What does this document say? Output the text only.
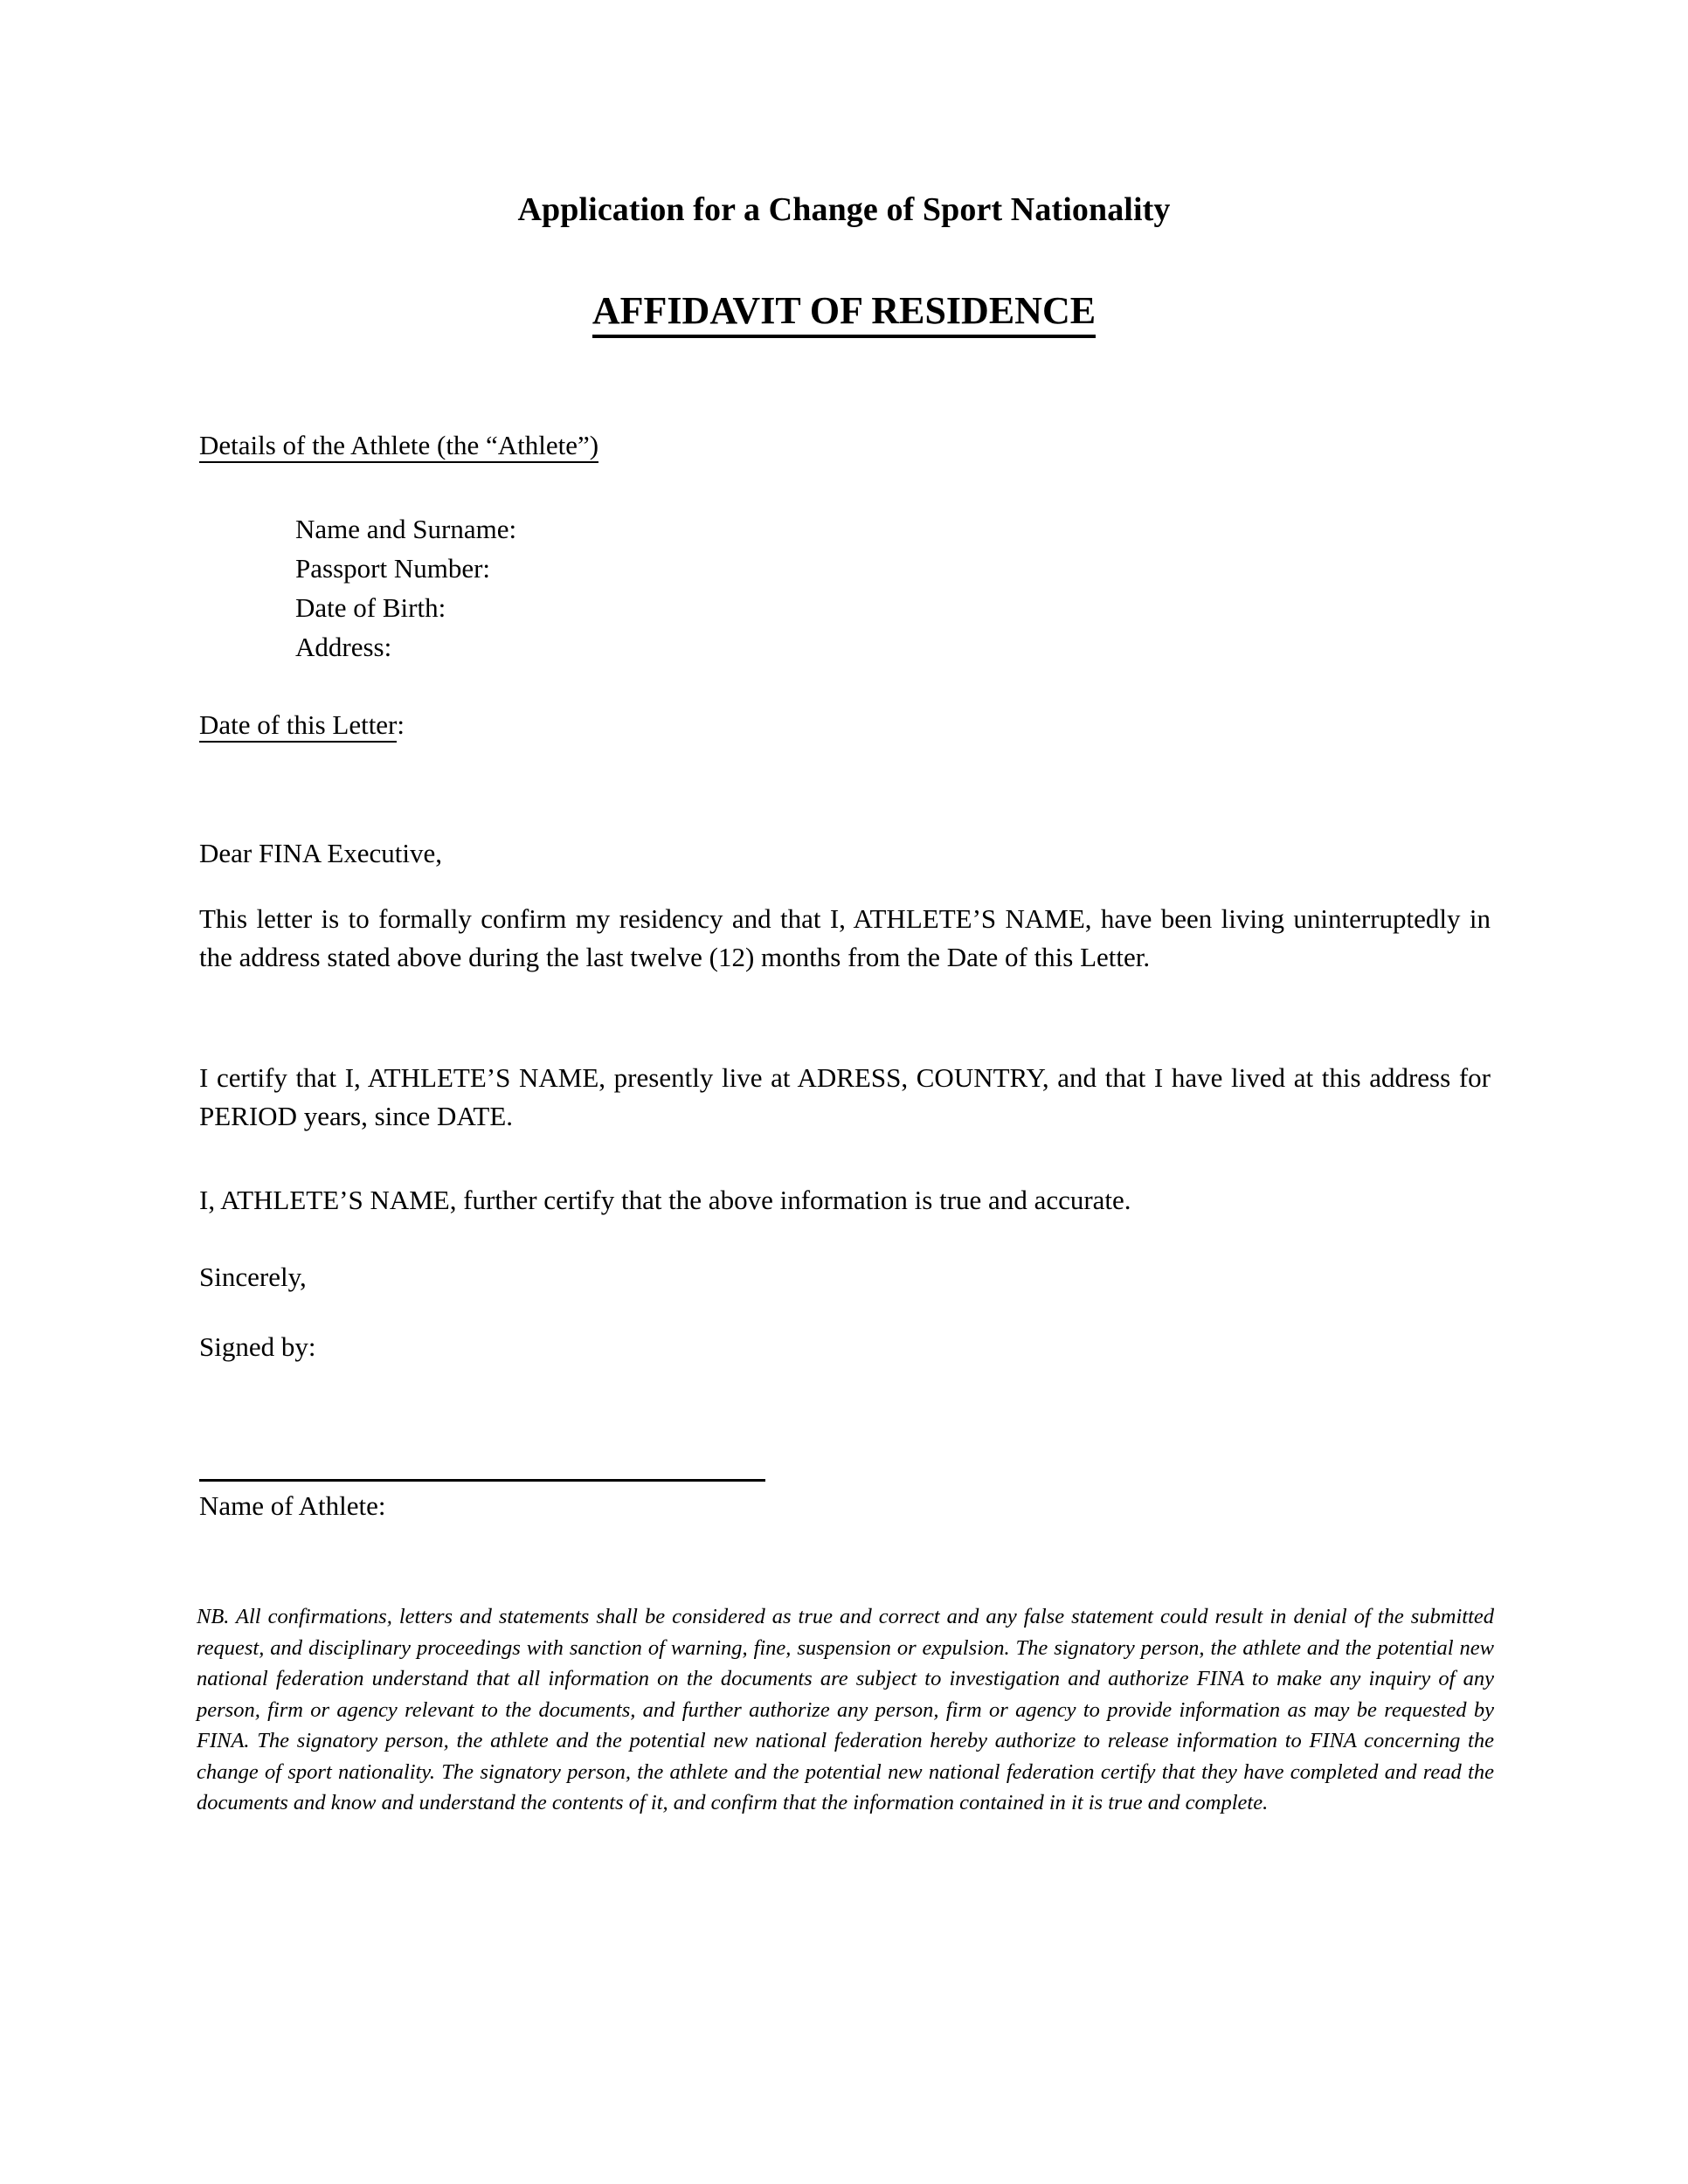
Application for a Change of Sport Nationality
AFFIDAVIT OF RESIDENCE
Details of the Athlete (the “Athlete”)
Name and Surname:
Passport Number:
Date of Birth:
Address:
Date of this Letter:
Dear FINA Executive,
This letter is to formally confirm my residency and that I, ATHLETE’S NAME, have been living uninterruptedly in the address stated above during the last twelve (12) months from the Date of this Letter.
I certify that I, ATHLETE’S NAME, presently live at ADRESS, COUNTRY, and that I have lived at this address for PERIOD years, since DATE.
I, ATHLETE’S NAME, further certify that the above information is true and accurate.
Sincerely,
Signed by:
Name of Athlete:
NB. All confirmations, letters and statements shall be considered as true and correct and any false statement could result in denial of the submitted request, and disciplinary proceedings with sanction of warning, fine, suspension or expulsion. The signatory person, the athlete and the potential new national federation understand that all information on the documents are subject to investigation and authorize FINA to make any inquiry of any person, firm or agency relevant to the documents, and further authorize any person, firm or agency to provide information as may be requested by FINA. The signatory person, the athlete and the potential new national federation hereby authorize to release information to FINA concerning the change of sport nationality. The signatory person, the athlete and the potential new national federation certify that they have completed and read the documents and know and understand the contents of it, and confirm that the information contained in it is true and complete.
